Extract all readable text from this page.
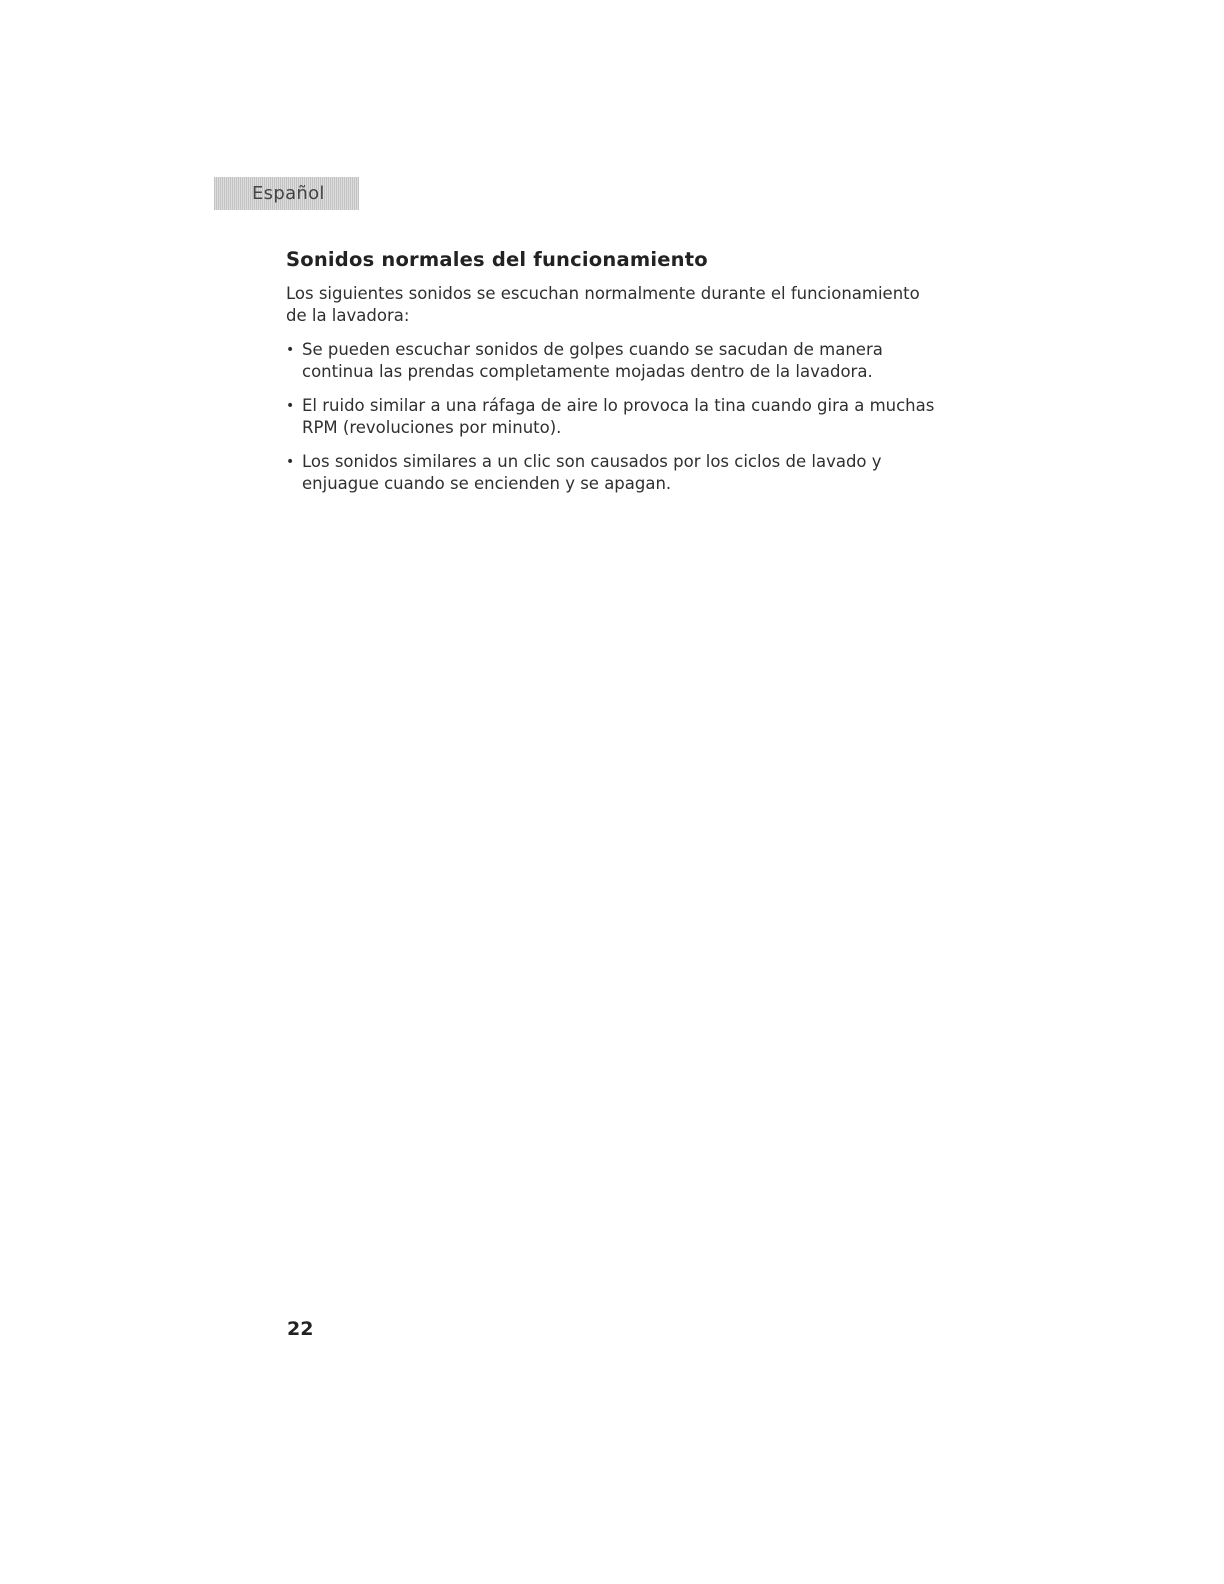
Español
Sonidos normales del funcionamiento

Los siguientes sonidos se escuchan normalmente durante el funcionamiento de la lavadora:

• Se pueden escuchar sonidos de golpes cuando se sacudan de manera continua las prendas completamente mojadas dentro de la lavadora.
• El ruido similar a una ráfaga de aire lo provoca la tina cuando gira a muchas RPM (revoluciones por minuto).
• Los sonidos similares a un clic son causados por los ciclos de lavado y enjuague cuando se encienden y se apagan.
22
